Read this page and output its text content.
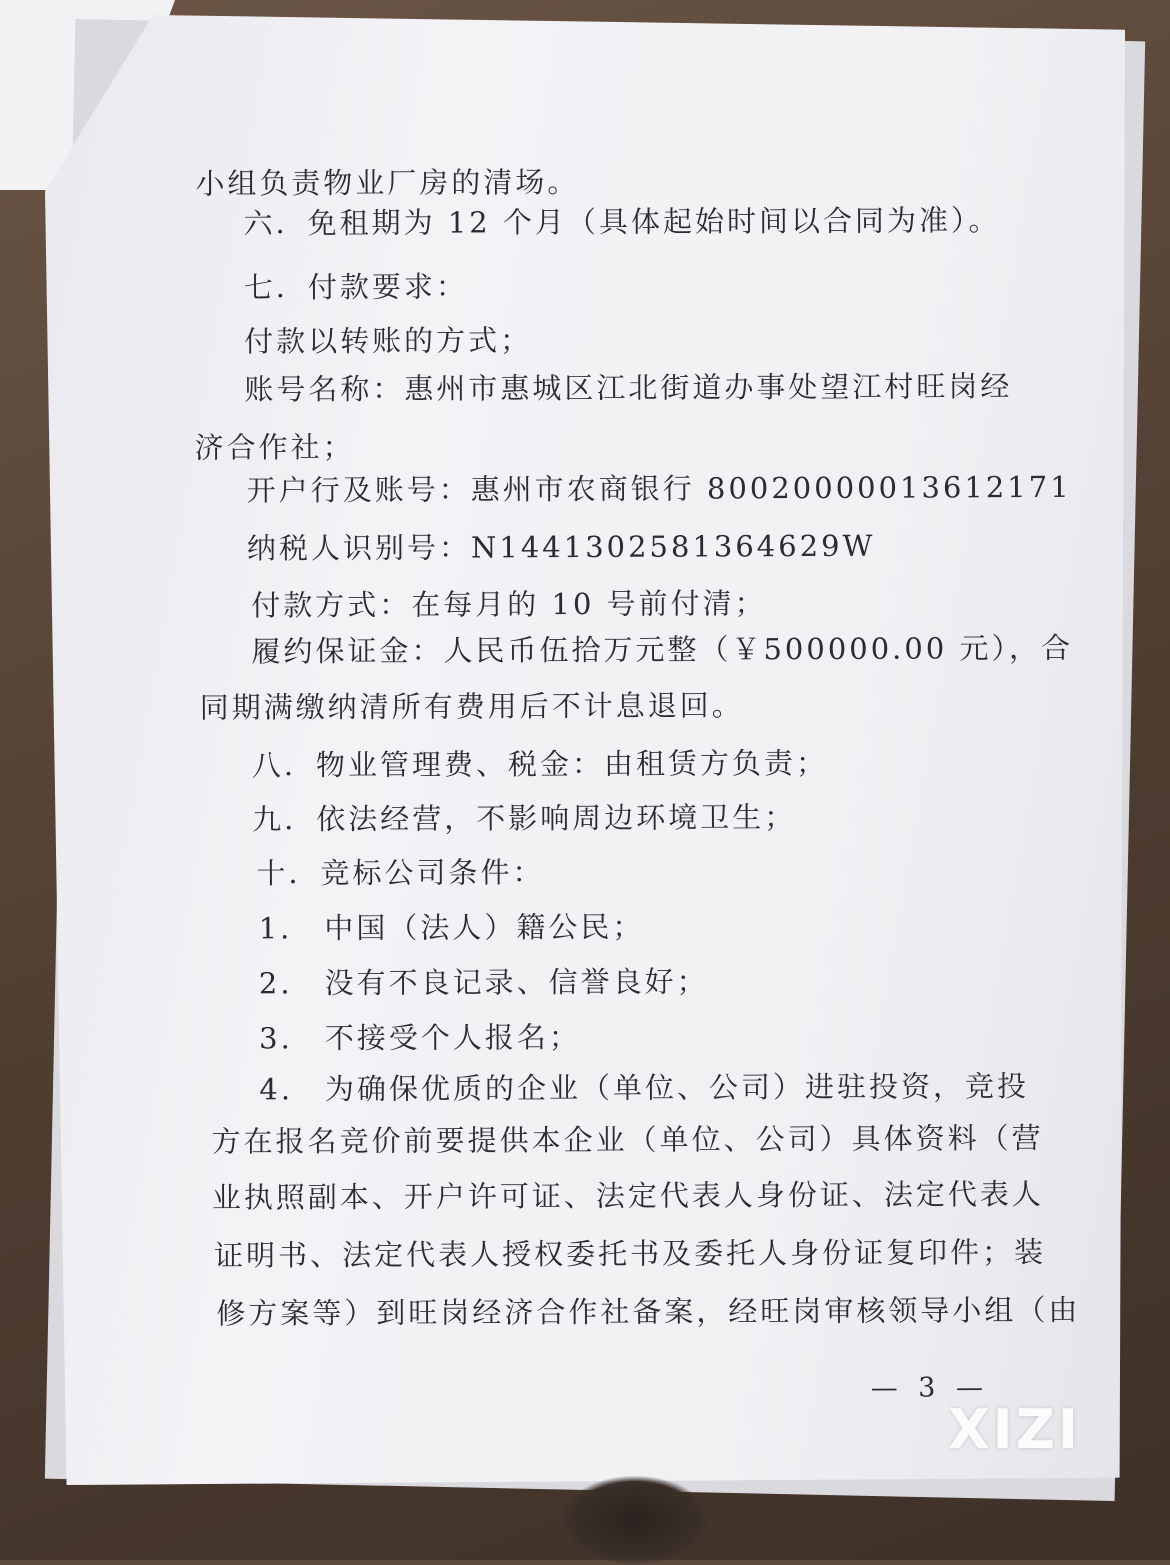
小组负责物业厂房的清场。
六．免租期为 12 个月（具体起始时间以合同为准）。
七．付款要求：
付款以转账的方式；
账号名称：惠州市惠城区江北街道办事处望江村旺岗经
济合作社；
开户行及账号：惠州市农商银行 80020000013612171
纳税人识别号：N1441302581364629W
付款方式：在每月的 10 号前付清；
履约保证金：人民币伍拾万元整（￥500000.00 元），合
同期满缴纳清所有费用后不计息退回。
八．物业管理费、税金：由租赁方负责；
九．依法经营，不影响周边环境卫生；
十．竞标公司条件：
1.　中国（法人）籍公民；
2.　没有不良记录、信誉良好；
3.　不接受个人报名；
4.　为确保优质的企业（单位、公司）进驻投资，竞投
方在报名竞价前要提供本企业（单位、公司）具体资料（营
业执照副本、开户许可证、法定代表人身份证、法定代表人
证明书、法定代表人授权委托书及委托人身份证复印件；装
修方案等）到旺岗经济合作社备案，经旺岗审核领导小组（由
— 3 —
XIZI
